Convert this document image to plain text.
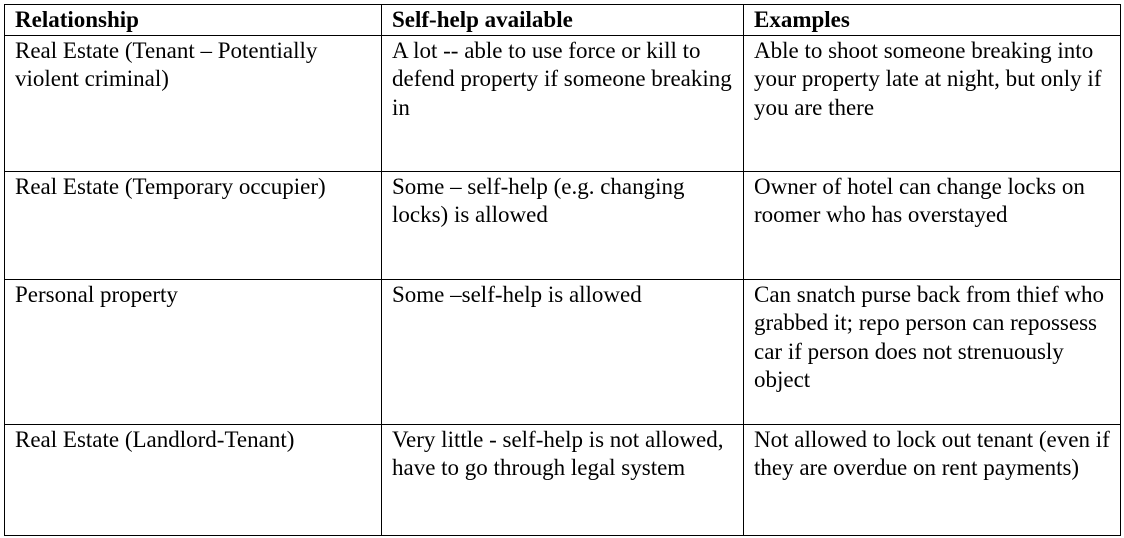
Relationship	Self-help available	Examples

Real Estate (Tenant – Potentially violent criminal)	A lot -- able to use force or kill to defend property if someone breaking in	Able to shoot someone breaking into your property late at night, but only if you are there

Real Estate (Temporary occupier)	Some – self-help (e.g. changing locks) is allowed	Owner of hotel can change locks on roomer who has overstayed

Personal property	Some –self-help is allowed	Can snatch purse back from thief who grabbed it; repo person can repossess car if person does not strenuously object

Real Estate (Landlord-Tenant)	Very little - self-help is not allowed, have to go through legal system	Not allowed to lock out tenant (even if they are overdue on rent payments)
